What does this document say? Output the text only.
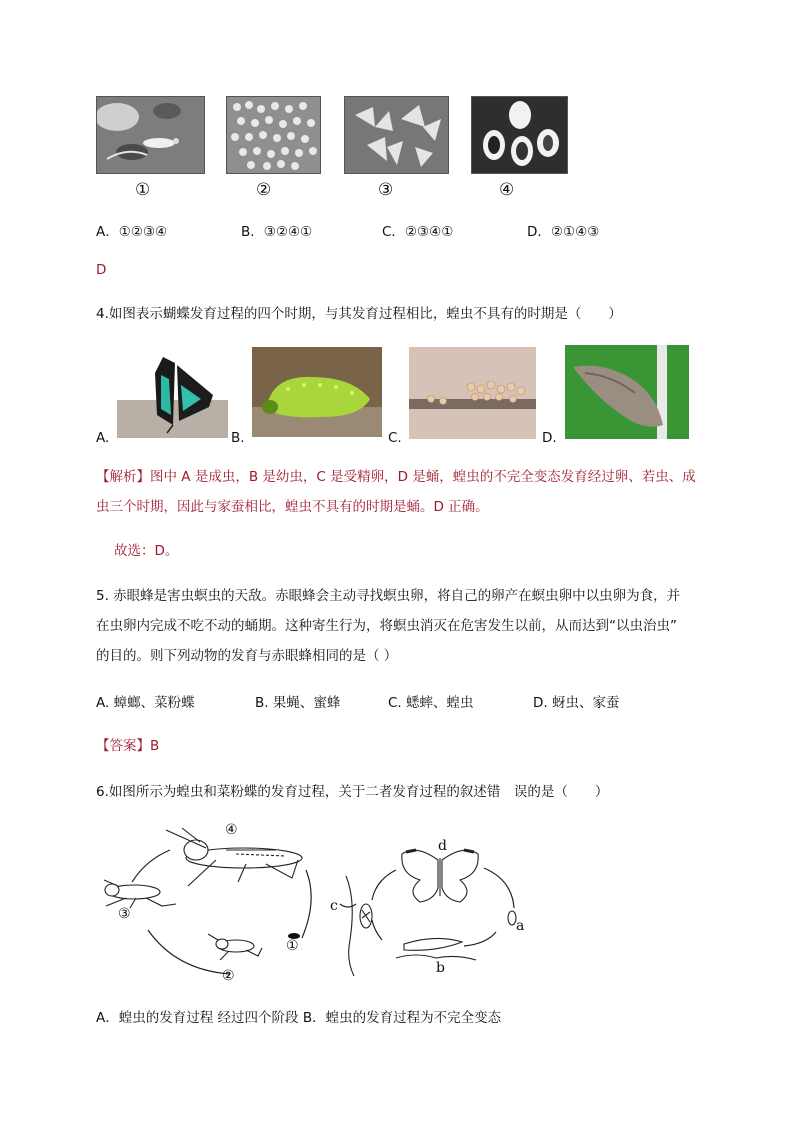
①	②	③	④
A．①②③④	B．③②④①	C．②③④①	D．②①④③
D
4.如图表示蝴蝶发育过程的四个时期，与其发育过程相比，蝗虫不具有的时期是（　　）
A.	B.	C.	D.
【解析】图中 A 是成虫，B 是幼虫，C 是受精卵，D 是蛹，蝗虫的不完全变态发育经过卵、若虫、成
虫三个时期，因此与家蚕相比，蝗虫不具有的时期是蛹。D 正确。
故选：D。
5. 赤眼蜂是害虫螟虫的天敌。赤眼蜂会主动寻找螟虫卵，将自己的卵产在螟虫卵中以虫卵为食，并
在虫卵内完成不吃不动的蛹期。这种寄生行为，将螟虫消灭在危害发生以前，从而达到“以虫治虫”
的目的。则下列动物的发育与赤眼蜂相同的是（ ）
A. 蟑螂、菜粉蝶	B. 果蝇、蜜蜂	C. 蟋蟀、蝗虫	D. 蚜虫、家蚕
【答案】B
6.如图所示为蝗虫和菜粉蝶的发育过程，关于二者发育过程的叙述错　误的是（　　）
④
③
②
①
d
c
a
b
A．蝗虫的发育过程 经过四个阶段 B．蝗虫的发育过程为不完全变态
